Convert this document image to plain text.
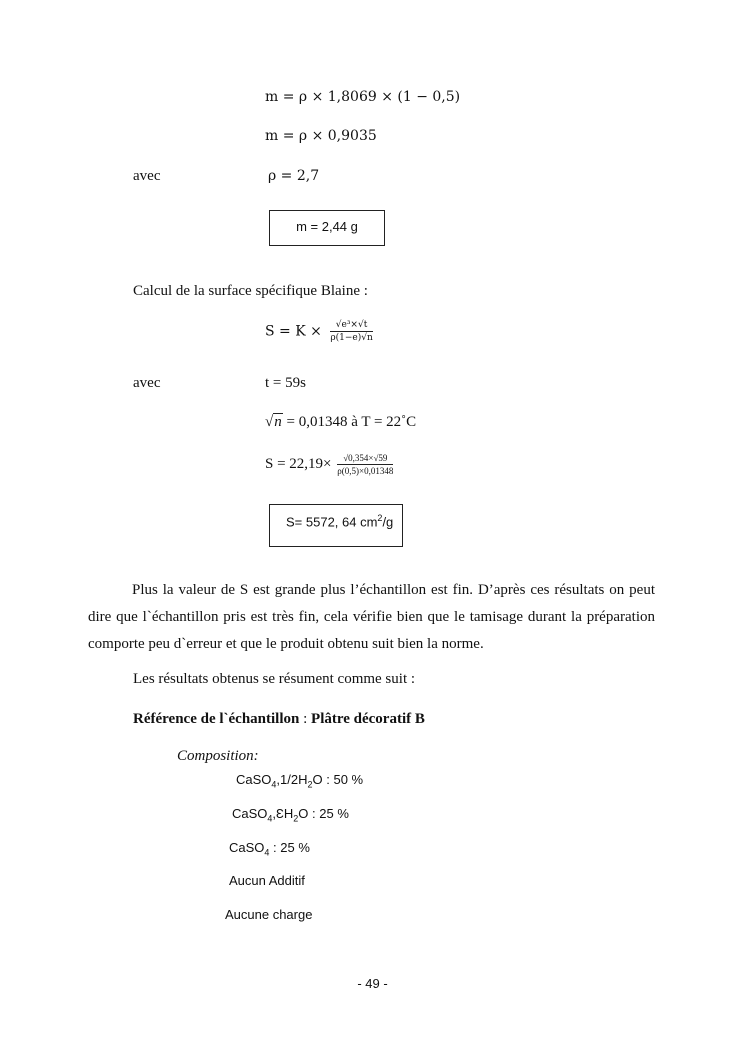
m = ρ × 1,8069 × (1 − 0,5)
m = ρ × 0,9035
avec	ρ = 2,7
m = 2,44 g
Calcul de la surface spécifique Blaine :
$S = K \times \frac{\text{√e³×√t}}{\rho(1-e)√n}$
avec	t = 59s
√n = 0,01348 à T = 22˚C
$S = 22,19\times \frac{√0,354\times√59}{\rho(0,5)\times 0,01348}$
S= 5572, 64 $cm^2/g$
Plus la valeur de S est grande plus l’échantillon est fin. D’après ces résultats on peut dire que l`échantillon pris est très fin, cela vérifie bien que le tamisage durant la préparation comporte peu d`erreur et que le produit obtenu suit bien la norme.
Les résultats obtenus se résument comme suit :
Référence de l`échantillon : Plâtre décoratif B
Composition:
$CaSO_4,1/2H_2O$ : 50 %
$CaSO_4,ƐH_2O$ : 25 %
CaSO$_4$ : 25 %
Aucun Additif
Aucune charge
- 49 -
